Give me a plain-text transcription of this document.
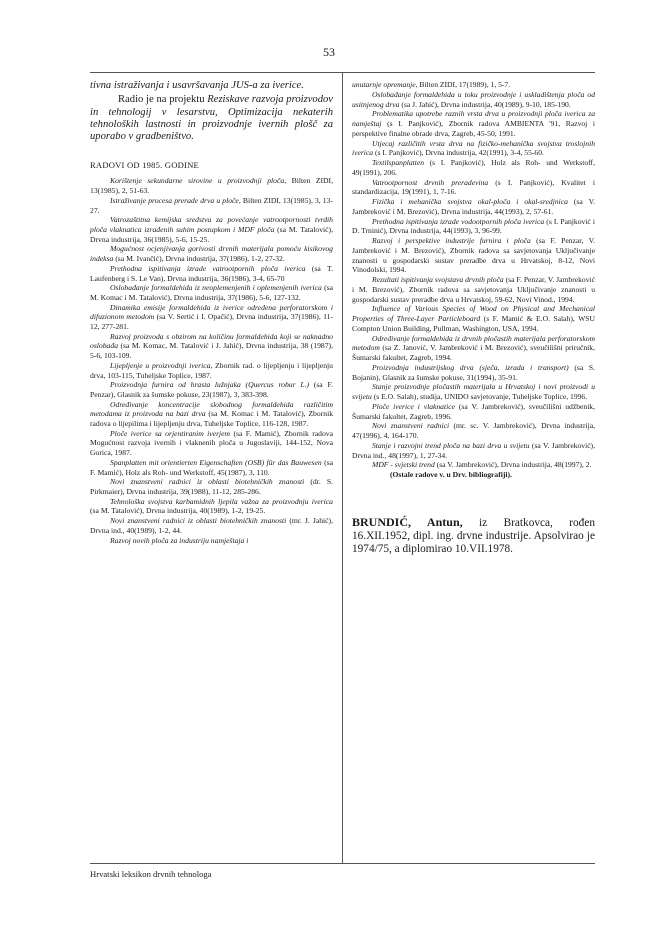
53

tivna istraživanja i usavršavanja JUS-a za iverice.

Radio je na projektu Reziskave razvoja proizvodov in tehnologij v lesarstvu, Optimizacija nekaterih tehnoloških lastnosti in proizvodnje ivernih plošč za uporabo v gradbeništvo.

RADOVI OD 1985. GODINE
Korištenje sekundarne sirovine u proizvodnji ploča, Bilten ZIDI, 13(1985), 2, 51-63.
Istraživanje procesa prerade drva u ploče, Bilten ZIDI, 13(1985), 3, 13-27.
Vatrozaštitna kemijska sredstva za povećanje vatrootpornosti tvrdih ploča vlaknatica izrađenih suhim postupkom i MDF ploča (sa M. Tatalović), Drvna industrija, 36(1985), 5-6, 15-25.
Mogućnost ocjenjivanja gorivosti drvnih materijala pomoću kisikovog indeksa (sa M. Ivančić), Drvna industrija, 37(1986), 1-2, 27-32.
Prethodna ispitivanja izrade vatrootpornih ploča iverica (sa T. Laufenberg i S. Le Van), Drvna industrija, 36(1986), 3-4, 65-70
Oslobađanje formaldehida iz neoplemenjenih i oplemenjenih iverica (sa M. Komac i M. Tatalović), Drvna industrija, 37(1986), 5-6, 127-132.
Dinamika emisije formaldehida iz iverice određena perforatorskom i difuzionom metodom (sa V. Sertić i I. Opačić), Drvna industrija, 37(1986), 11-12, 277-281.
Razvoj proizvoda s obzirom na količinu formaldehida koji se naknadno oslobađa (sa M. Komac, M. Tatalović i J. Jahić), Drvna industrija, 38 (1987), 5-6, 103-109.
Lijepljenje u proizvodnji iverica, Zbornik rad. o lijepljenju i lijepljenju drva, 103-115, Tuheljske Toplice, 1987.
Proizvodnja furnira od hrasta lužnjaka (Quercus robur L.) (sa F. Penzar), Glasnik za šumske pokuse, 23(1987), 3, 383-398.
Određivanje koncentracije slobodnog formaldehida različitim metodama iz proizvoda na bazi drva (sa M. Komac i M. Tatalović), Zbornik radova o lijepilima i lijepljenju drva, Tuheljske Toplice, 116-128, 1987.
Ploče iverice sa orjentiranim iverjem (sa F. Mamić), Zbornik radova Mogućnost razvoja ivernih i vlaknenih ploča u Jugoslaviji, 144-152, Nova Gorica, 1987.
Spanplatten mit orientierten Eigenschaften (OSB) für das Bauwesen (sa F. Mamić), Holz als Roh- und Werkstoff, 45(1987), 3, 110.
Novi znanstveni radnici iz oblasti biotehničkih znanosti (dr. S. Pirkmaier), Drvna industrija, 39(1988), 11-12, 285-286.
Tehnološka svojstva karbamidnih ljepila važna za proizvodnju iverica (sa M. Tatalović), Drvna industrija, 40(1989), 1-2, 19-25.
Novi znanstveni radnici iz oblasti biotehničkih znanosti (mr. J. Jahić), Drvna ind., 40(1989), 1-2, 44.
Razvoj novih ploča za industriju namještaja i
unutarnje opremanje, Bilten ZIDI, 17(1989), 1, 5-7.
Oslobađanje formaldehida u toku proizvodnje i uskladištenja ploča od usitnjenog drva (sa J. Jahić), Drvna industrija, 40(1989), 9-10, 185-190.
Problematika upotrebe raznih vrsta drva u proizvodnji ploča iverica za namještaj (s I. Panjković), Zbornik radova AMBIENTA '91, Razvoj i perspektive finalne obrade drva, Zagreb, 45-50, 1991.
Utjecaj različitih vrsta drva na fizičko-mehanička svojstva troslojnih iverica (s I. Panjković), Drvna industrija, 42(1991), 3-4, 55-60.
Textilspanplatten (s I. Panjković), Holz als Roh- und Werkstoff, 49(1991), 206.
Vatrootpornost drvnih preradevina (s I. Panjković), Kvalitet i standardizacija, 19(1991), 1, 7-16.
Fizička i mehanička svojstva okal-ploča i okal-sredjnica (sa V. Jambreković i M. Brezović), Drvna industrija, 44(1993), 2, 57-61.
Prethodna ispitivanja izrade vodootpornih ploča iverica (s I. Panjković i D. Trninić), Drvna industrija, 44(1993), 3, 96-99.
Razvoj i perspektive industrije furnira i ploča (sa F. Penzar, V. Jambreković i M. Brezović), Zbornik radova sa savjetovanja Uključivanje znanosti u gospodarski sustav preradbe drva u Hrvatskoj, 8-12, Novi Vinodolski, 1994.
Rezultati ispitivanja svojstava drvnih ploča (sa F. Penzar, V. Jambreković i M. Brezović), Zbornik radova sa savjetovanja Uključivanje znanosti u gospodarski sustav preradbe drva u Hrvatskoj, 59-62, Novi Vinod., 1994.
Influence of Various Species of Wood on Physical and Mechanical Properties of Three-Layer Particleboard (s F. Mamić & E.O. Salah), WSU Compton Union Building, Pullman, Washington, USA, 1994.
Određivanje formaldehida iz drvnih pločastih materijala perforatorskom metodom (sa Z. Janović, V. Jambreković i M. Brezović), sveučilišni priručnik, Šumarski fakultet, Zagreb, 1994.
Proizvodnja industrijskog drva (sječa, izrada i transport) (sa S. Bojanin), Glasnik za šumske pokuse, 31(1994), 35-91.
Stanje proizvodnje pločastih materijala u Hrvatskoj i novi proizvodi u svijetu (s E.O. Salah), studija, UNIDO savjetovanje, Tuheljske Toplice, 1996.
Ploče iverice i vlaknatice (sa V. Jambreković), sveučilišni udžbenik, Šumarski fakultet, Zagreb, 1996.
Novi znanstveni radnici (mr. sc. V. Jambreković), Drvna industrija, 47(1996), 4, 164-170.
Stanje i razvojni trend ploča na bazi drva u svijetu (sa V. Jambreković), Drvna ind., 48(1997), 1, 27-34.
MDF - svjetski trend (sa V. Jambreković), Drvna industrija, 48(1997), 2.
(Ostale radove v. u Drv. bibliografiji).

BRUNDIĆ, Antun, iz Bratkovca, rođen 16.XII.1952, dipl. ing. drvne industrije. Apsolvirao je 1974/75, a diplomirao 10.VII.1978.

Hrvatski leksikon drvnih tehnologa
